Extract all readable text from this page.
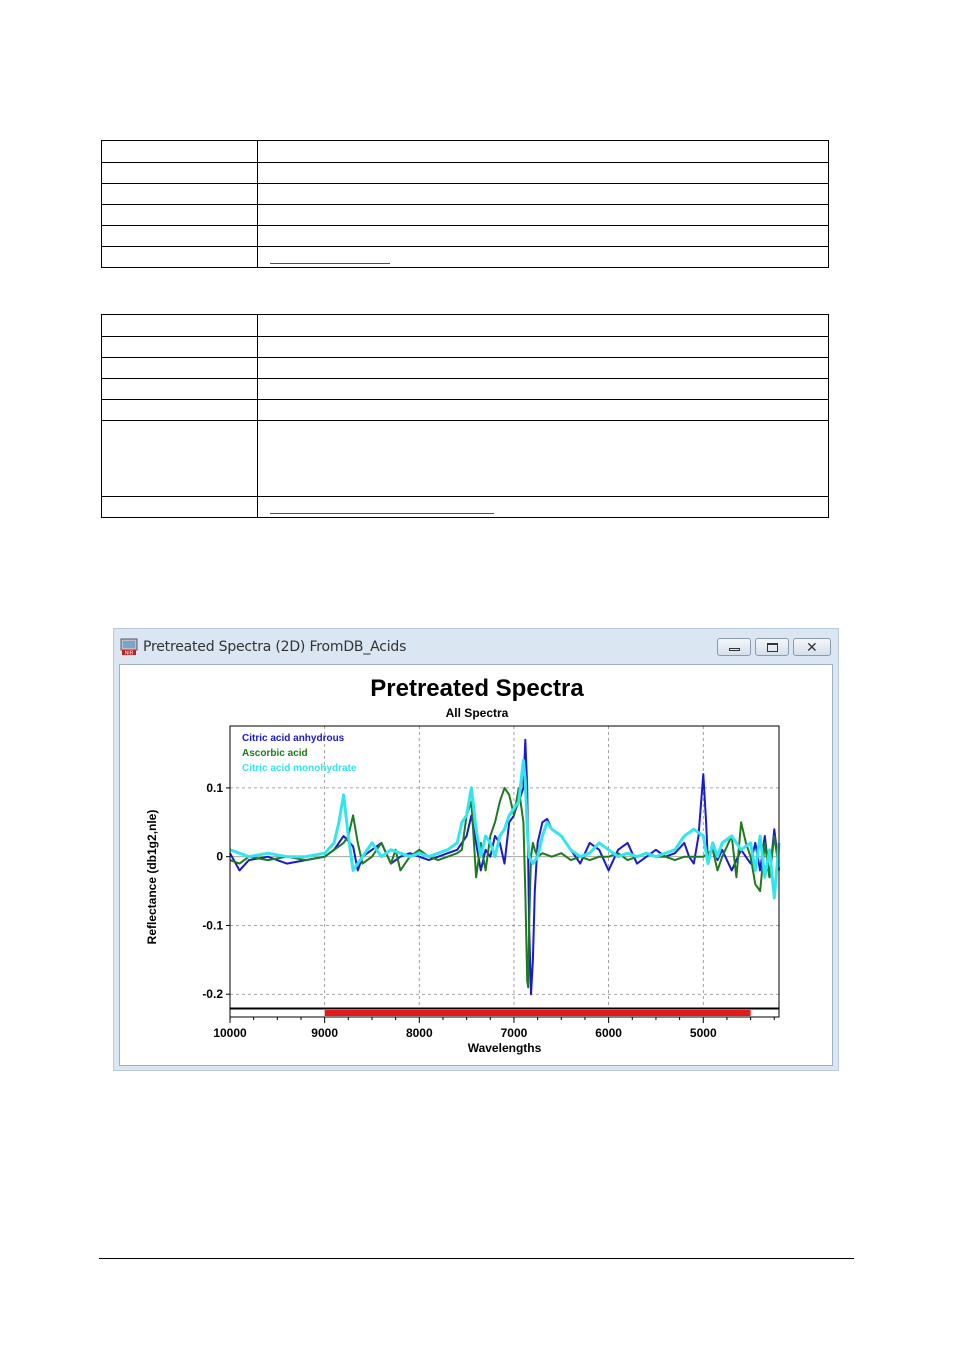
NIR Pretreated Spectra (2D) FromDB_Acids	✕
Pretreated Spectra
All Spectra
0.1
0
-0.1
-0.2
Reflectance (db1g2,nle)
10000	9000	8000	7000	6000	5000
Wavelengths
Citric acid anhydrous
Ascorbic acid
Citric acid monohydrate
